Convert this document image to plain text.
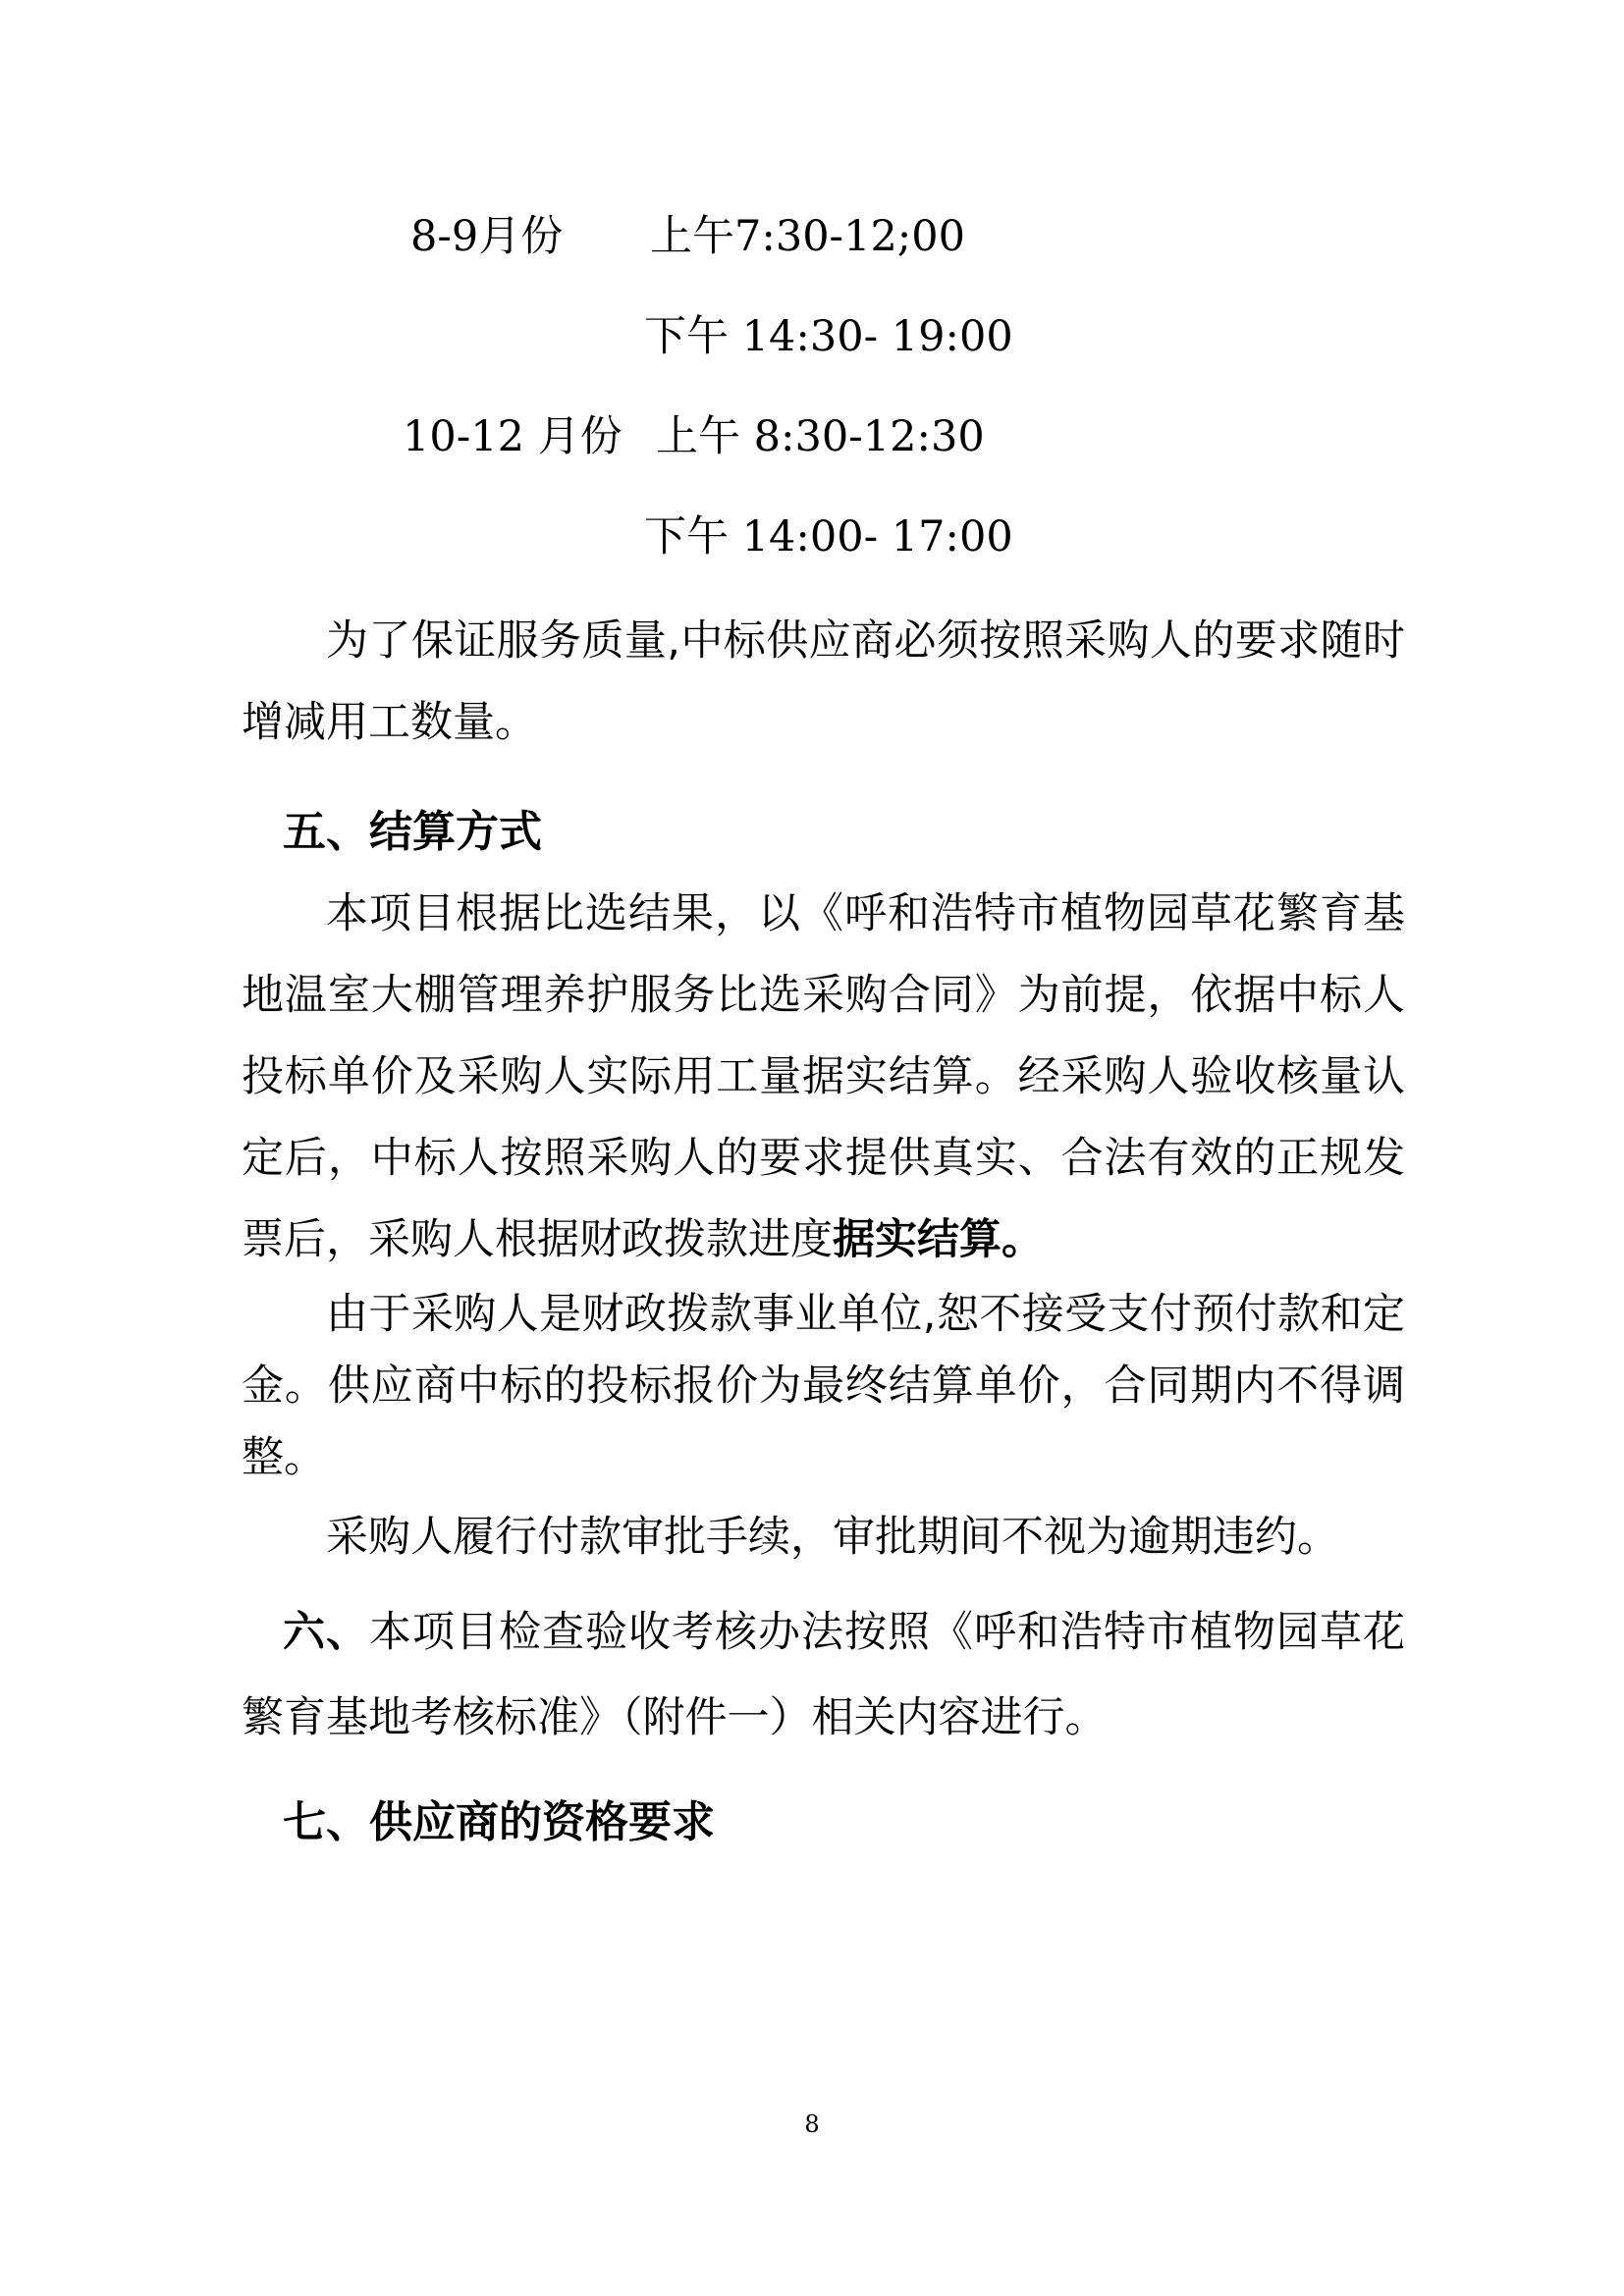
8-9月份 上午7:30-12;00
下午 14:30- 19:00
10-12 月份 上午 8:30-12:30
下午 14:00- 17:00
为了保证服务质量,中标供应商必须按照采购人的要求随时增减用工数量。
五、结算方式
本项目根据比选结果，以《呼和浩特市植物园草花繁育基地温室大棚管理养护服务比选采购合同》为前提，依据中标人投标单价及采购人实际用工量据实结算。经采购人验收核量认定后，中标人按照采购人的要求提供真实、合法有效的正规发票后，采购人根据财政拨款进度据实结算。
由于采购人是财政拨款事业单位,恕不接受支付预付款和定金。供应商中标的投标报价为最终结算单价，合同期内不得调整。
采购人履行付款审批手续，审批期间不视为逾期违约。
六、本项目检查验收考核办法按照《呼和浩特市植物园草花繁育基地考核标准》（附件一）相关内容进行。
七、供应商的资格要求
8
